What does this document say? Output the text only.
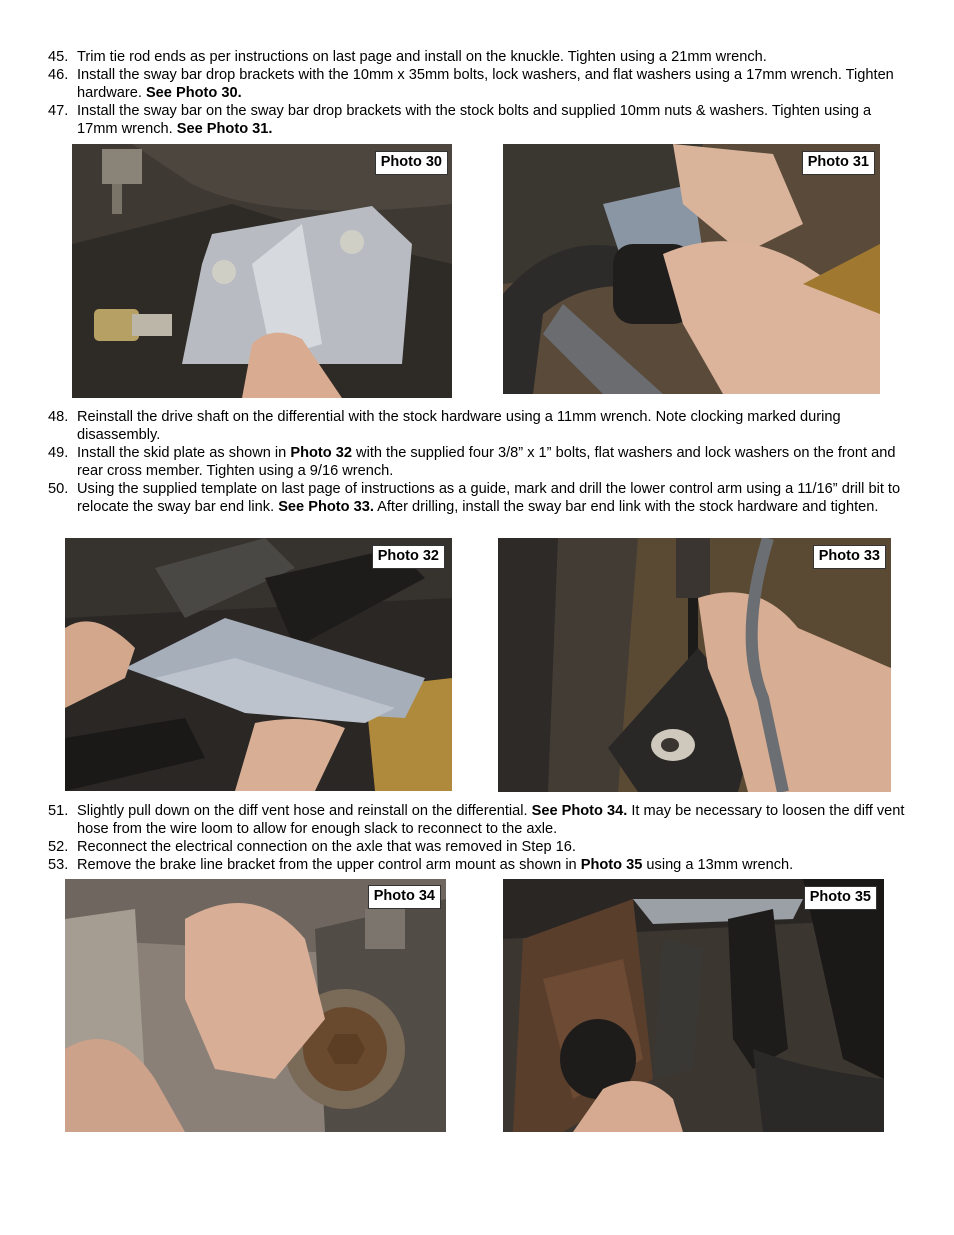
45. Trim tie rod ends as per instructions on last page and install on the knuckle. Tighten using a 21mm wrench.
46. Install the sway bar drop brackets with the 10mm x 35mm bolts, lock washers, and flat washers using a 17mm wrench. Tighten hardware. See Photo 30.
47. Install the sway bar on the sway bar drop brackets with the stock bolts and supplied 10mm nuts & washers. Tighten using a 17mm wrench. See Photo 31.
Photo 30	Photo 31
48. Reinstall the drive shaft on the differential with the stock hardware using a 11mm wrench. Note clocking marked during disassembly.
49. Install the skid plate as shown in Photo 32 with the supplied four 3/8” x 1” bolts, flat washers and lock washers on the front and rear cross member. Tighten using a 9/16 wrench.
50. Using the supplied template on last page of instructions as a guide, mark and drill the lower control arm using a 11/16” drill bit to relocate the sway bar end link. See Photo 33. After drilling, install the sway bar end link with the stock hardware and tighten.
Photo 32	Photo 33
51. Slightly pull down on the diff vent hose and reinstall on the differential. See Photo 34. It may be necessary to loosen the diff vent hose from the wire loom to allow for enough slack to reconnect to the axle.
52. Reconnect the electrical connection on the axle that was removed in Step 16.
53. Remove the brake line bracket from the upper control arm mount as shown in Photo 35 using a 13mm wrench.
Photo 34	Photo 35
